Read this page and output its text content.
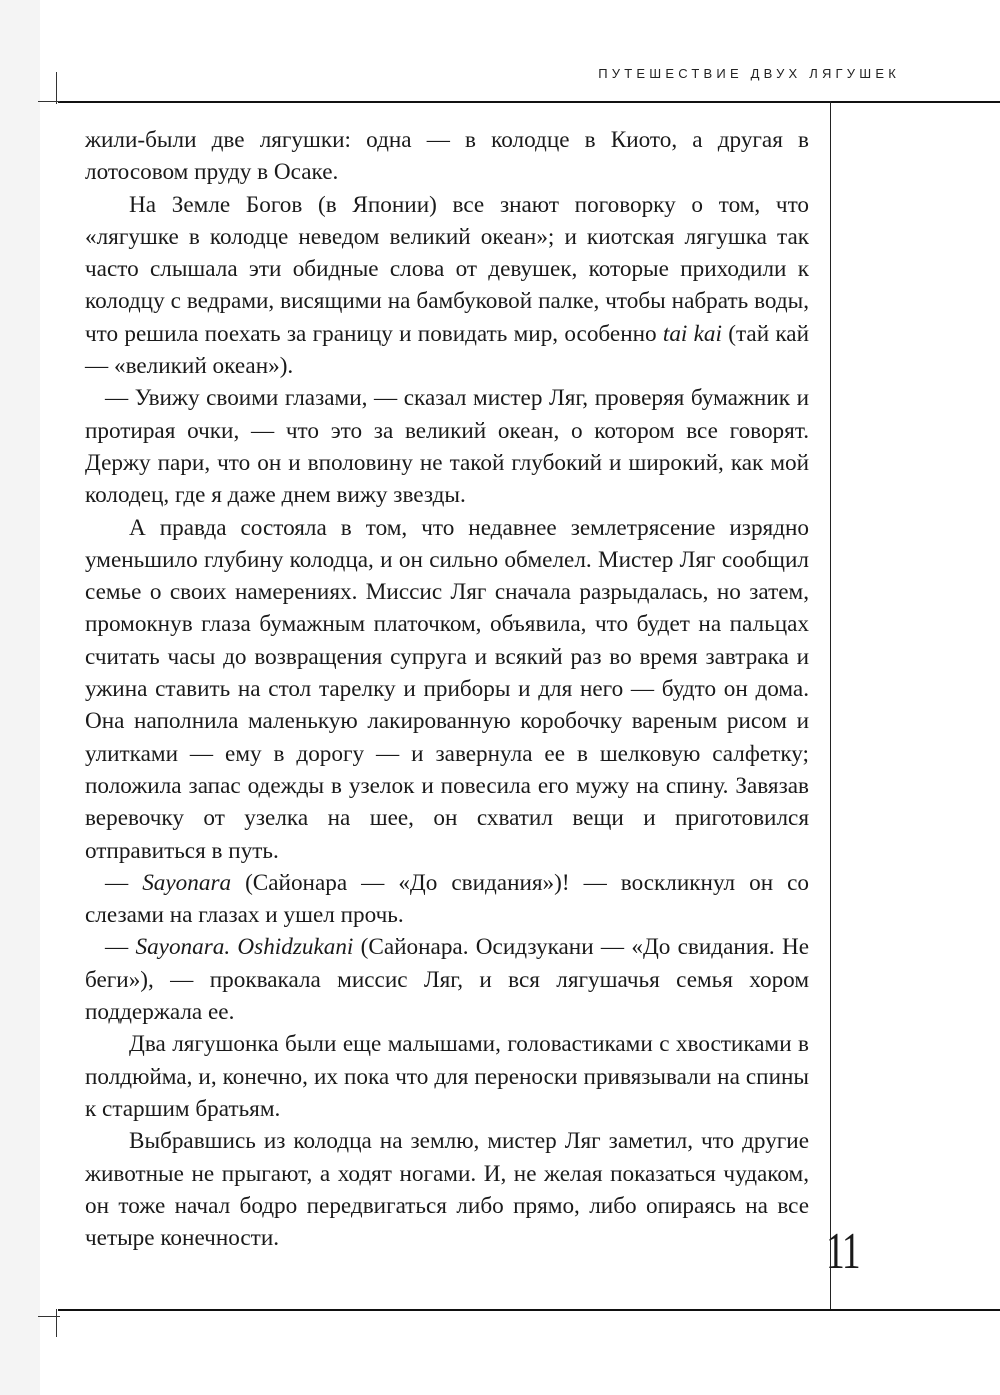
ПУТЕШЕСТВИЕ ДВУХ ЛЯГУШЕК

жили-были две лягушки: одна — в колодце в Киото, а другая в лотосовом пруду в Осаке.

На Земле Богов (в Японии) все знают поговорку о том, что «лягушке в колодце неведом великий океан»; и киотская лягушка так часто слышала эти обидные слова от девушек, которые приходили к колодцу с ведрами, висящими на бамбуковой палке, чтобы набрать воды, что решила поехать за границу и повидать мир, особенно tai kai (тай кай — «великий океан»).

— Увижу своими глазами, — сказал мистер Ляг, проверяя бумажник и протирая очки, — что это за великий океан, о котором все говорят. Держу пари, что он и вполовину не такой глубокий и широкий, как мой колодец, где я даже днем вижу звезды.

А правда состояла в том, что недавнее землетрясение изрядно уменьшило глубину колодца, и он сильно обмелел. Мистер Ляг сообщил семье о своих намерениях. Миссис Ляг сначала разрыдалась, но затем, промокнув глаза бумажным платочком, объявила, что будет на пальцах считать часы до возвращения супруга и всякий раз во время завтрака и ужина ставить на стол тарелку и приборы и для него — будто он дома. Она наполнила маленькую лакированную коробочку вареным рисом и улитками — ему в дорогу — и завернула ее в шелковую салфетку; положила запас одежды в узелок и повесила его мужу на спину. Завязав веревочку от узелка на шее, он схватил вещи и приготовился отправиться в путь.

— Sayonara (Сайонара — «До свидания»)! — воскликнул он со слезами на глазах и ушел прочь.

— Sayonara. Oshidzukani (Сайонара. Осидзукани — «До свидания. Не беги»), — проквакала миссис Ляг, и вся лягушачья семья хором поддержала ее.

Два лягушонка были еще малышами, головастиками с хвостиками в полдюйма, и, конечно, их пока что для переноски привязывали на спины к старшим братьям.

Выбравшись из колодца на землю, мистер Ляг заметил, что другие животные не прыгают, а ходят ногами. И, не желая показаться чудаком, он тоже начал бодро передвигаться либо прямо, либо опираясь на все четыре конечности.	11
